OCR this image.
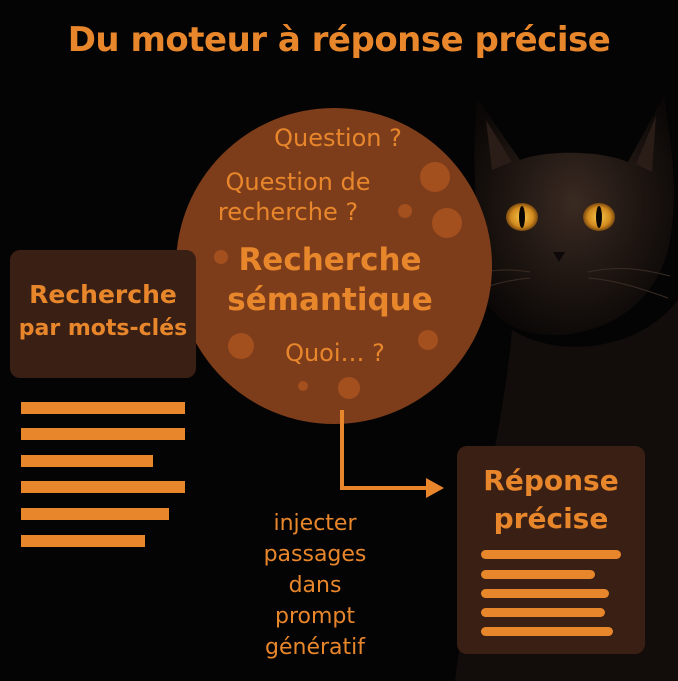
Du moteur à réponse précise
Question ?
Question de
recherche ?
Recherche
sémantique
Quoi… ?
Recherche
par mots-clés
injecter
passages
dans
prompt
génératif
Réponse
précise
